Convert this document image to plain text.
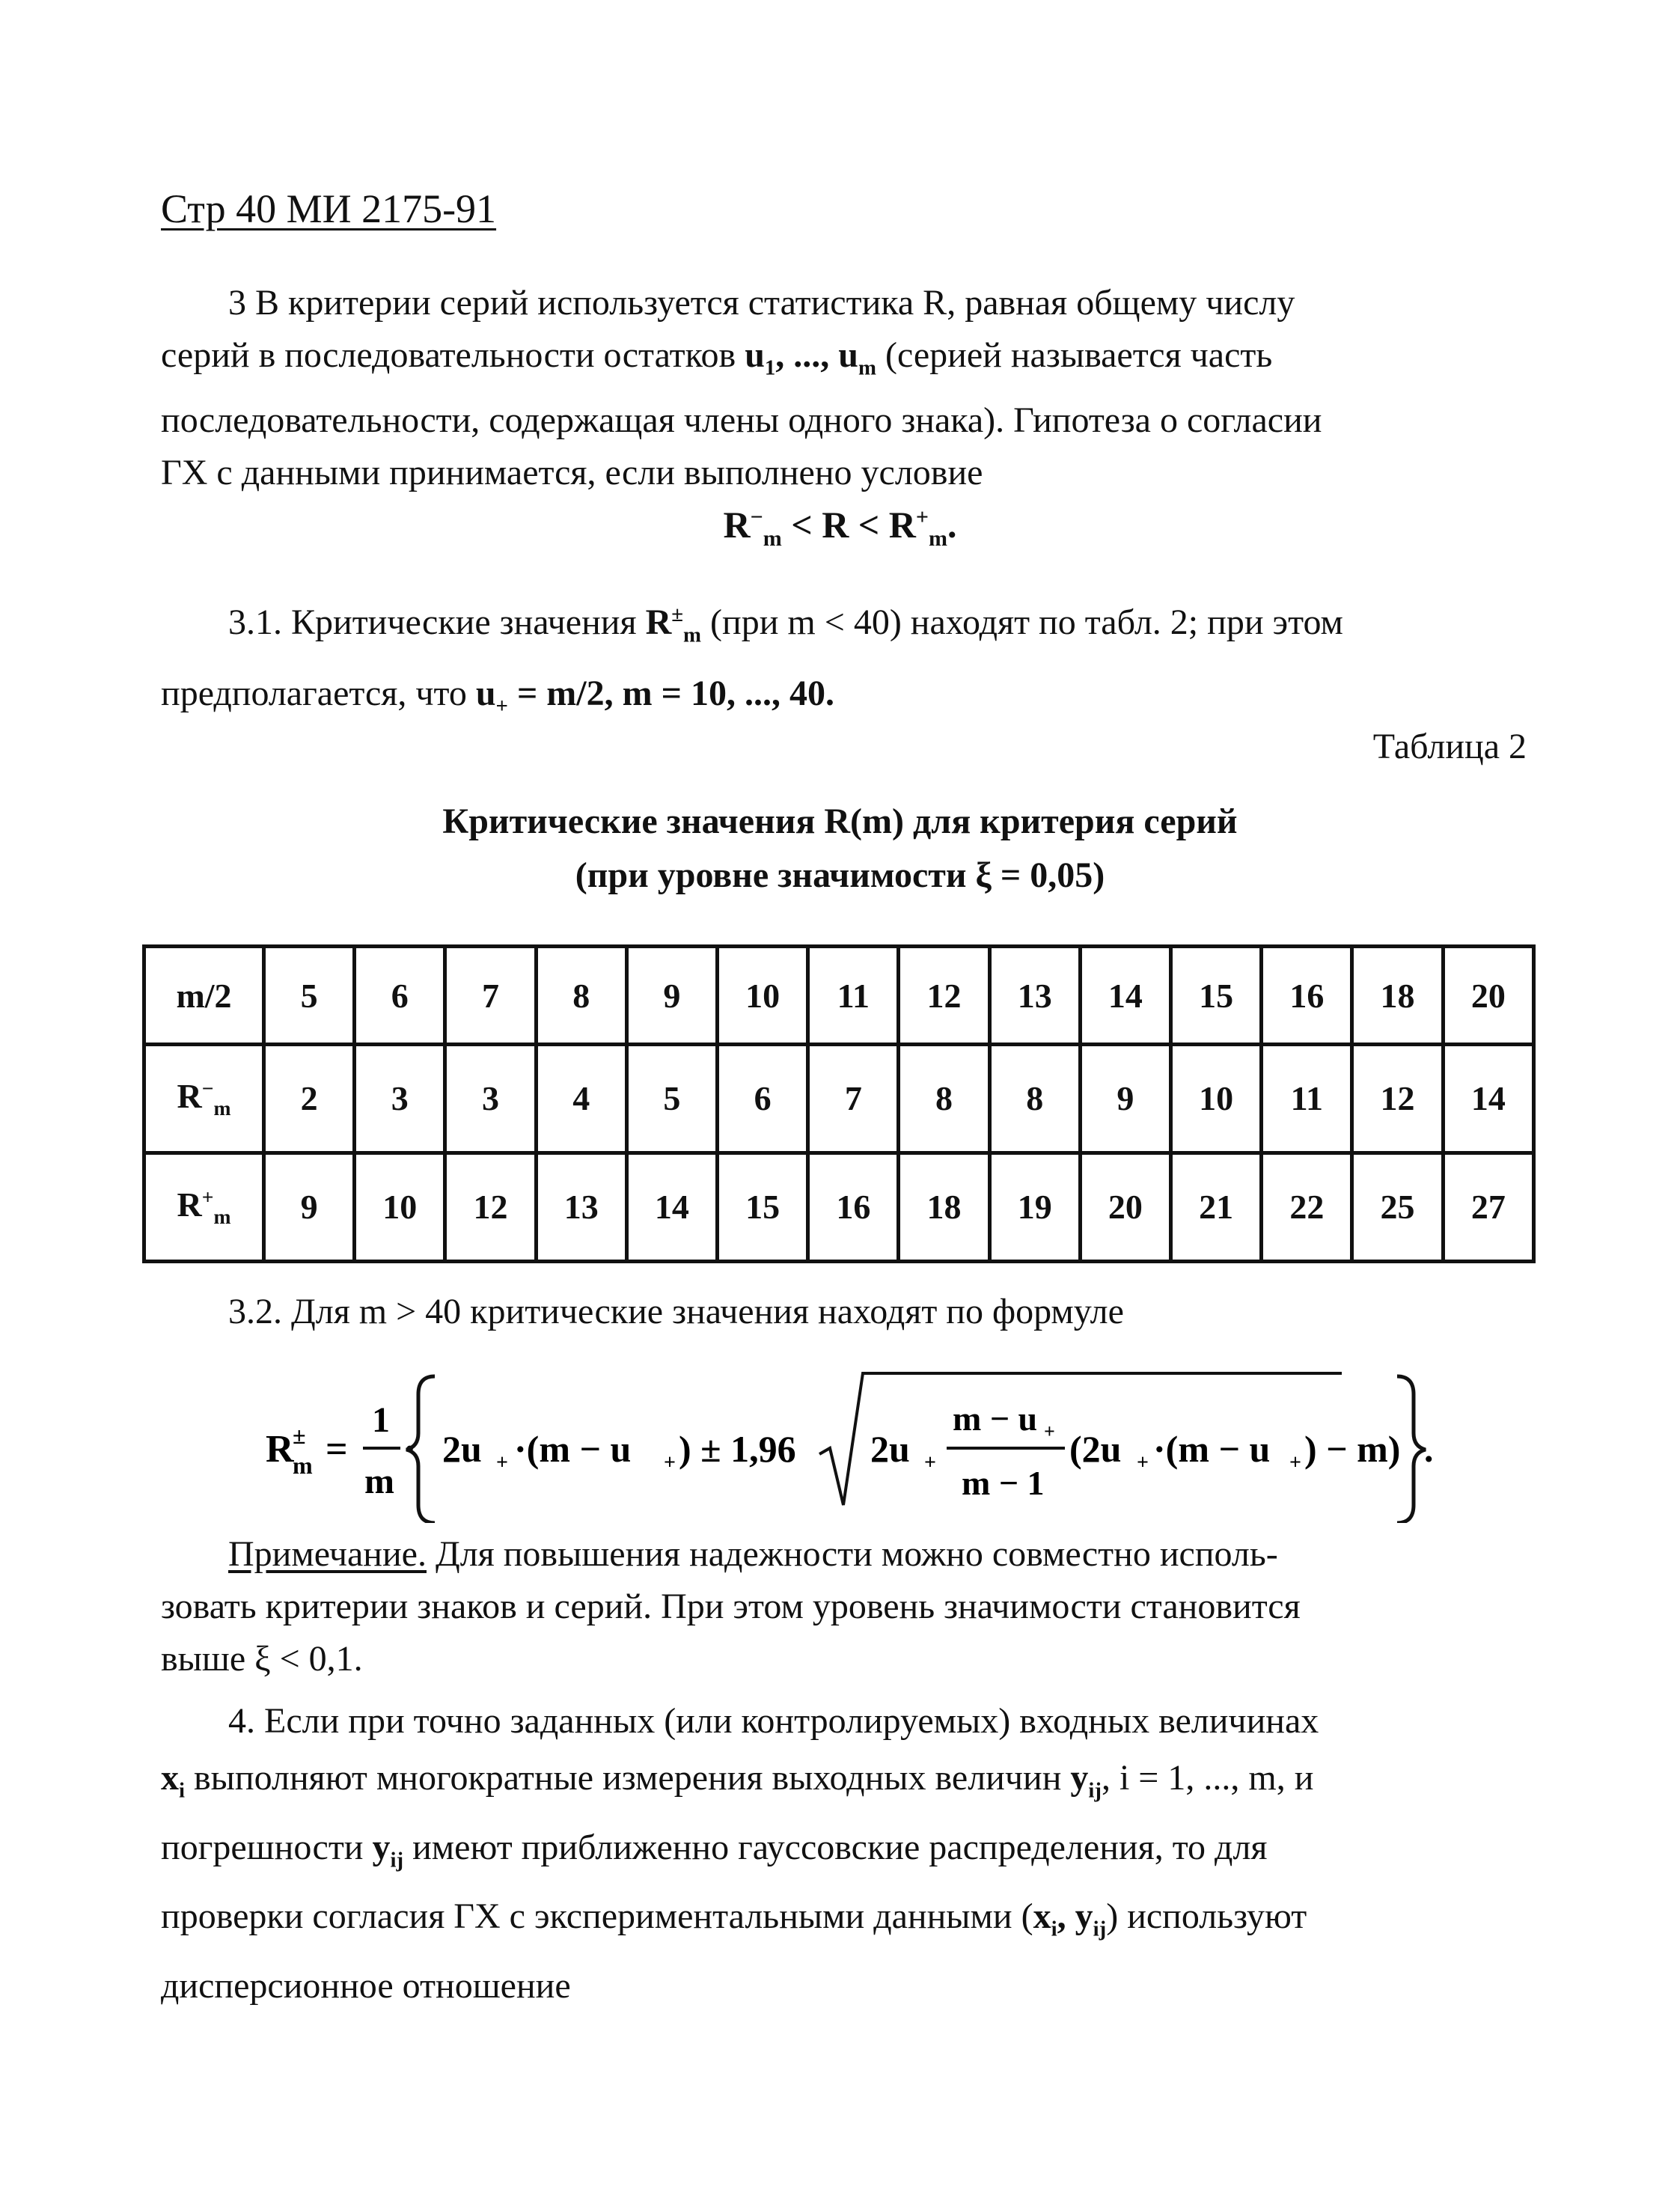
Стр 40 МИ 2175-91
3 В критерии серий используется статистика R, равная общему числу
серий в последовательности остатков $u_1$, ..., $u_m$ (серией называется часть
последовательности, содержащая члены одного знака). Гипотеза о согласии
ГХ с данными принимается, если выполнено условие
$R^-_m < R < R^+_m$.
3.1. Критические значения $R^\pm_m$ (при m < 40) находят по табл. 2; при этом
предполагается, что $u_+ = m/2$, m = 10, ..., 40.
Таблица 2
Критические значения R(m) для критерия серий
(при уровне значимости ξ = 0,05)
m/2	5	6	7	8	9	10	11	12	13	14	15	16	18	20
$R^-_m$	2	3	3	4	5	6	7	8	8	9	10	11	12	14
$R^+_m$	9	10	12	13	14	15	16	18	19	20	21	22	25	27
3.2. Для m > 40 критические значения находят по формуле
R
±
m =
1
m
· 2u + ·(m − u + ) ± 1,96 2u +
m − u +
m − 1
(2u + ·(m − u + ) − m) .
Примечание. Для повышения надежности можно совместно исполь-
зовать критерии знаков и серий. При этом уровень значимости становится
выше ξ < 0,1.
4. Если при точно заданных (или контролируемых) входных величинах
$x_i$ выполняют многократные измерения выходных величин $y_{ij}$, i = 1, ..., m, и
погрешности $y_{ij}$ имеют приближенно гауссовские распределения, то для
проверки согласия ГХ с экспериментальными данными ($x_i$, $y_{ij}$) используют
дисперсионное отношение
